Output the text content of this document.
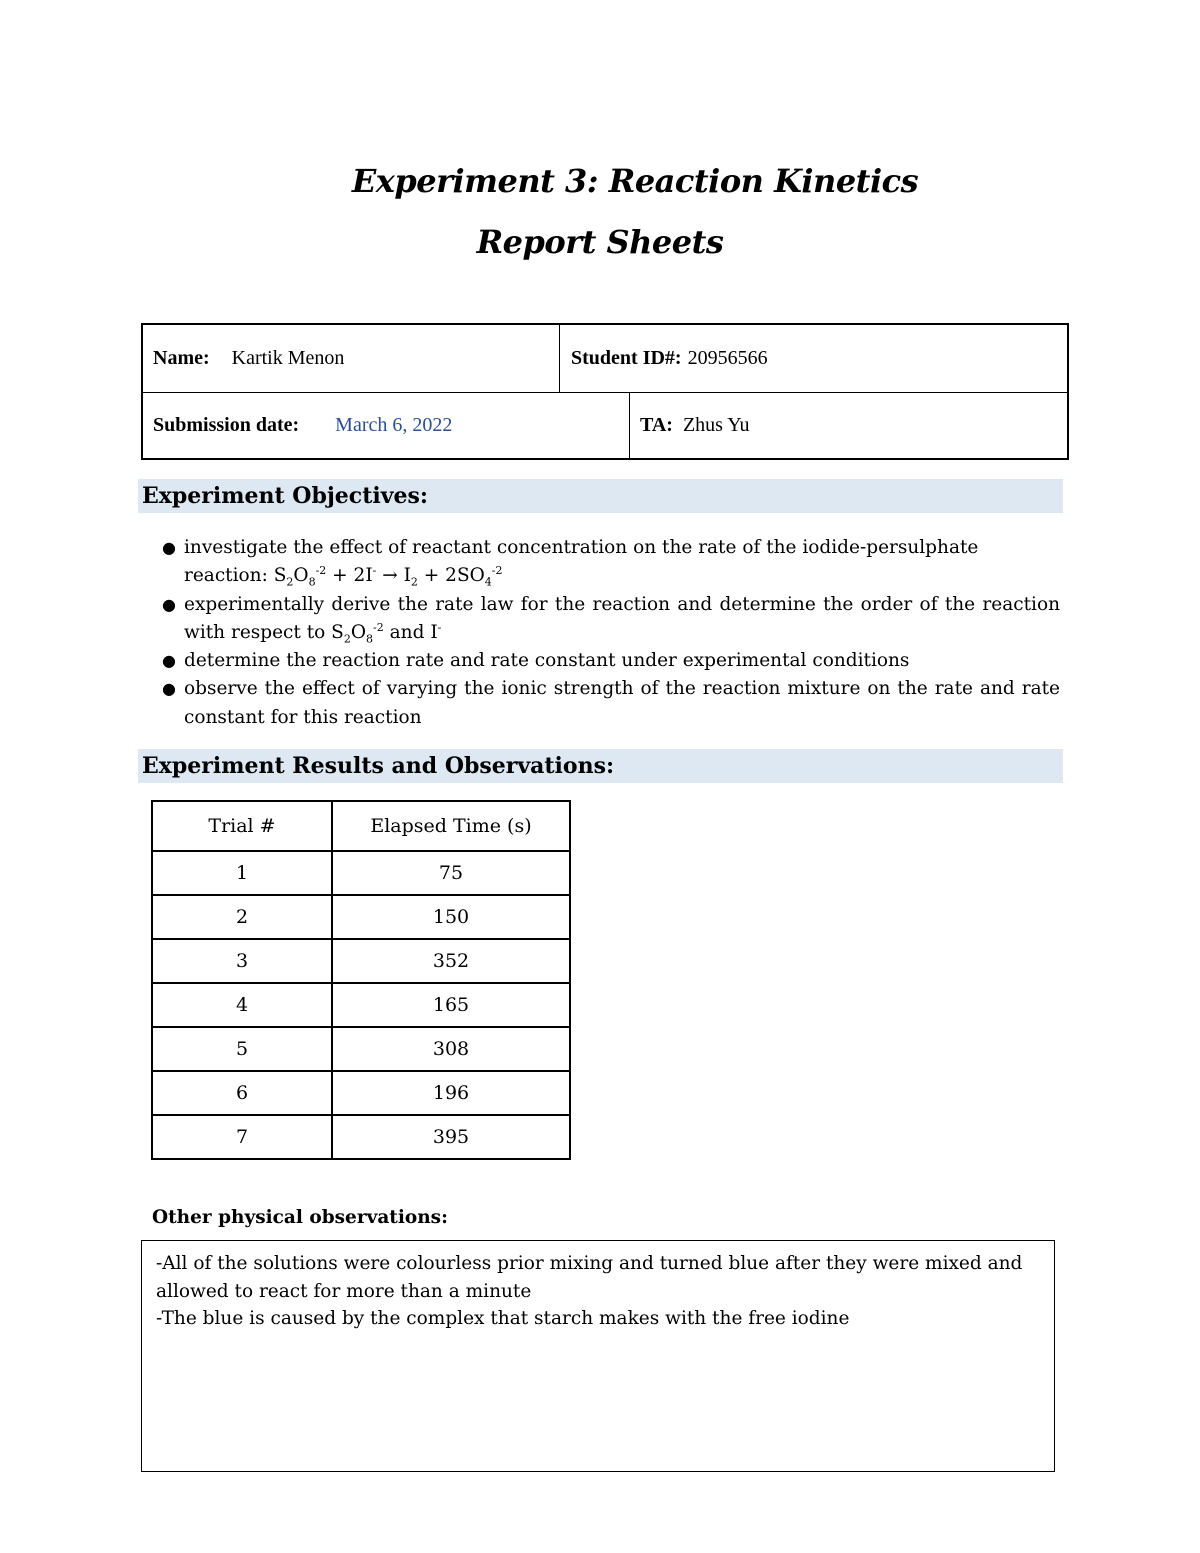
Experiment 3: Reaction Kinetics
Report Sheets
Name: Kartik Menon	Student ID#: 20956566
Submission date: March 6, 2022	TA: Zhus Yu
Experiment Objectives:
● investigate the effect of reactant concentration on the rate of the iodide-persulphate
reaction: $S_2O_8^{-2} + 2I^- \to I_2 + 2SO_4^{-2}$
● experimentally derive the rate law for the reaction and determine the order of the reaction with respect to $S_2O_8^{-2}$ and I-
● determine the reaction rate and rate constant under experimental conditions
● observe the effect of varying the ionic strength of the reaction mixture on the rate and rate constant for this reaction
Experiment Results and Observations:
Trial #	Elapsed Time (s)
1	75
2	150
3	352
4	165
5	308
6	196
7	395
Other physical observations:
-All of the solutions were colourless prior mixing and turned blue after they were mixed and allowed to react for more than a minute
-The blue is caused by the complex that starch makes with the free iodine
